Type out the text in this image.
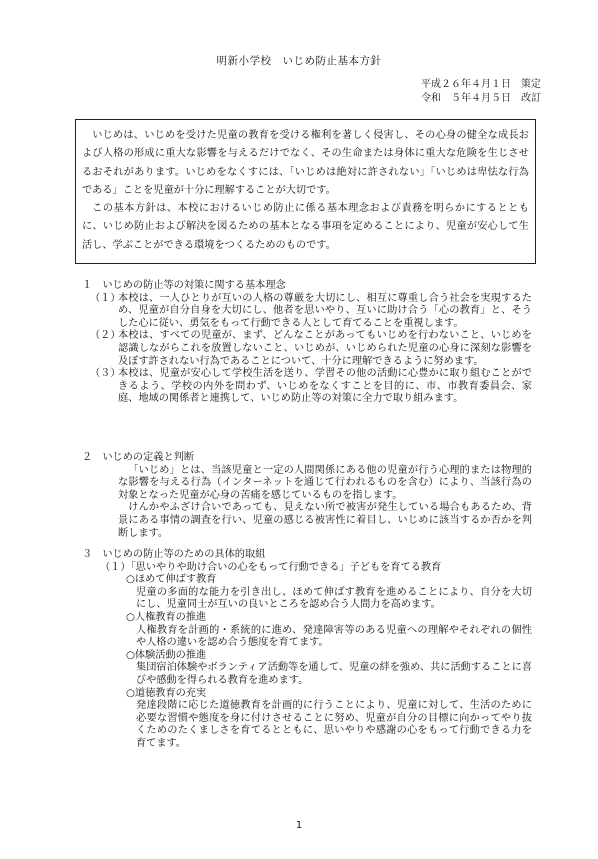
明新小学校　いじめ防止基本方針
平成２６年４月１日　策定
令和　５年４月５日　改訂

いじめは、いじめを受けた児童の教育を受ける権利を著しく侵害し、その心身の健全な成長および人格の形成に重大な影響を与えるだけでなく、その生命または身体に重大な危険を生じさせるおそれがあります。いじめをなくすには、「いじめは絶対に許されない」「いじめは卑怯な行為である」ことを児童が十分に理解することが大切です。

この基本方針は、本校におけるいじめ防止に係る基本理念および責務を明らかにするとともに、いじめ防止および解決を図るための基本となる事項を定めることにより、児童が安心して生活し、学ぶことができる環境をつくるためのものです。

１　いじめの防止等の対策に関する基本理念

（１）
本校は、一人ひとりが互いの人格の尊厳を大切にし、相互に尊重し合う社会を実現するため、児童が自分自身を大切にし、他者を思いやり、互いに助け合う「心の教育」と、そうした心に従い、勇気をもって行動できる人として育てることを重視します。
（２）
本校は、すべての児童が、まず、どんなことがあってもいじめを行わないこと、いじめを認識しながらこれを放置しないこと、いじめが、いじめられた児童の心身に深刻な影響を及ぼす許されない行為であることについて、十分に理解できるように努めます。
（３）
本校は、児童が安心して学校生活を送り、学習その他の活動に心豊かに取り組むことができるよう、学校の内外を問わず、いじめをなくすことを目的に、市、市教育委員会、家庭、地域の関係者と連携して、いじめ防止等の対策に全力で取り組みます。

２　いじめの定義と判断

「いじめ」とは、当該児童と一定の人間関係にある他の児童が行う心理的または物理的な影響を与える行為（インターネットを通じて行われるものを含む）により、当該行為の対象となった児童が心身の苦痛を感じているものを指します。

けんかやふざけ合いであっても、見えない所で被害が発生している場合もあるため、背景にある事情の調査を行い、児童の感じる被害性に着目し、いじめに該当するか否かを判断します。

３　いじめの防止等のための具体的取組

（１）「思いやりや助け合いの心をもって行動できる」子どもを育てる教育

○ほめて伸ばす教育

児童の多面的な能力を引き出し、ほめて伸ばす教育を進めることにより、自分を大切にし、児童同士が互いの良いところを認め合う人間力を高めます。

○人権教育の推進

人権教育を計画的・系統的に進め、発達障害等のある児童への理解やそれぞれの個性や人格の違いを認め合う態度を育てます。

○体験活動の推進

集団宿泊体験やボランティア活動等を通して、児童の絆を強め、共に活動することに喜びや感動を得られる教育を進めます。

○道徳教育の充実

発達段階に応じた道徳教育を計画的に行うことにより、児童に対して、生活のために必要な習慣や態度を身に付けさせることに努め、児童が自分の目標に向かってやり抜くためのたくましさを育てるとともに、思いやりや感謝の心をもって行動できる力を育てます。

1
